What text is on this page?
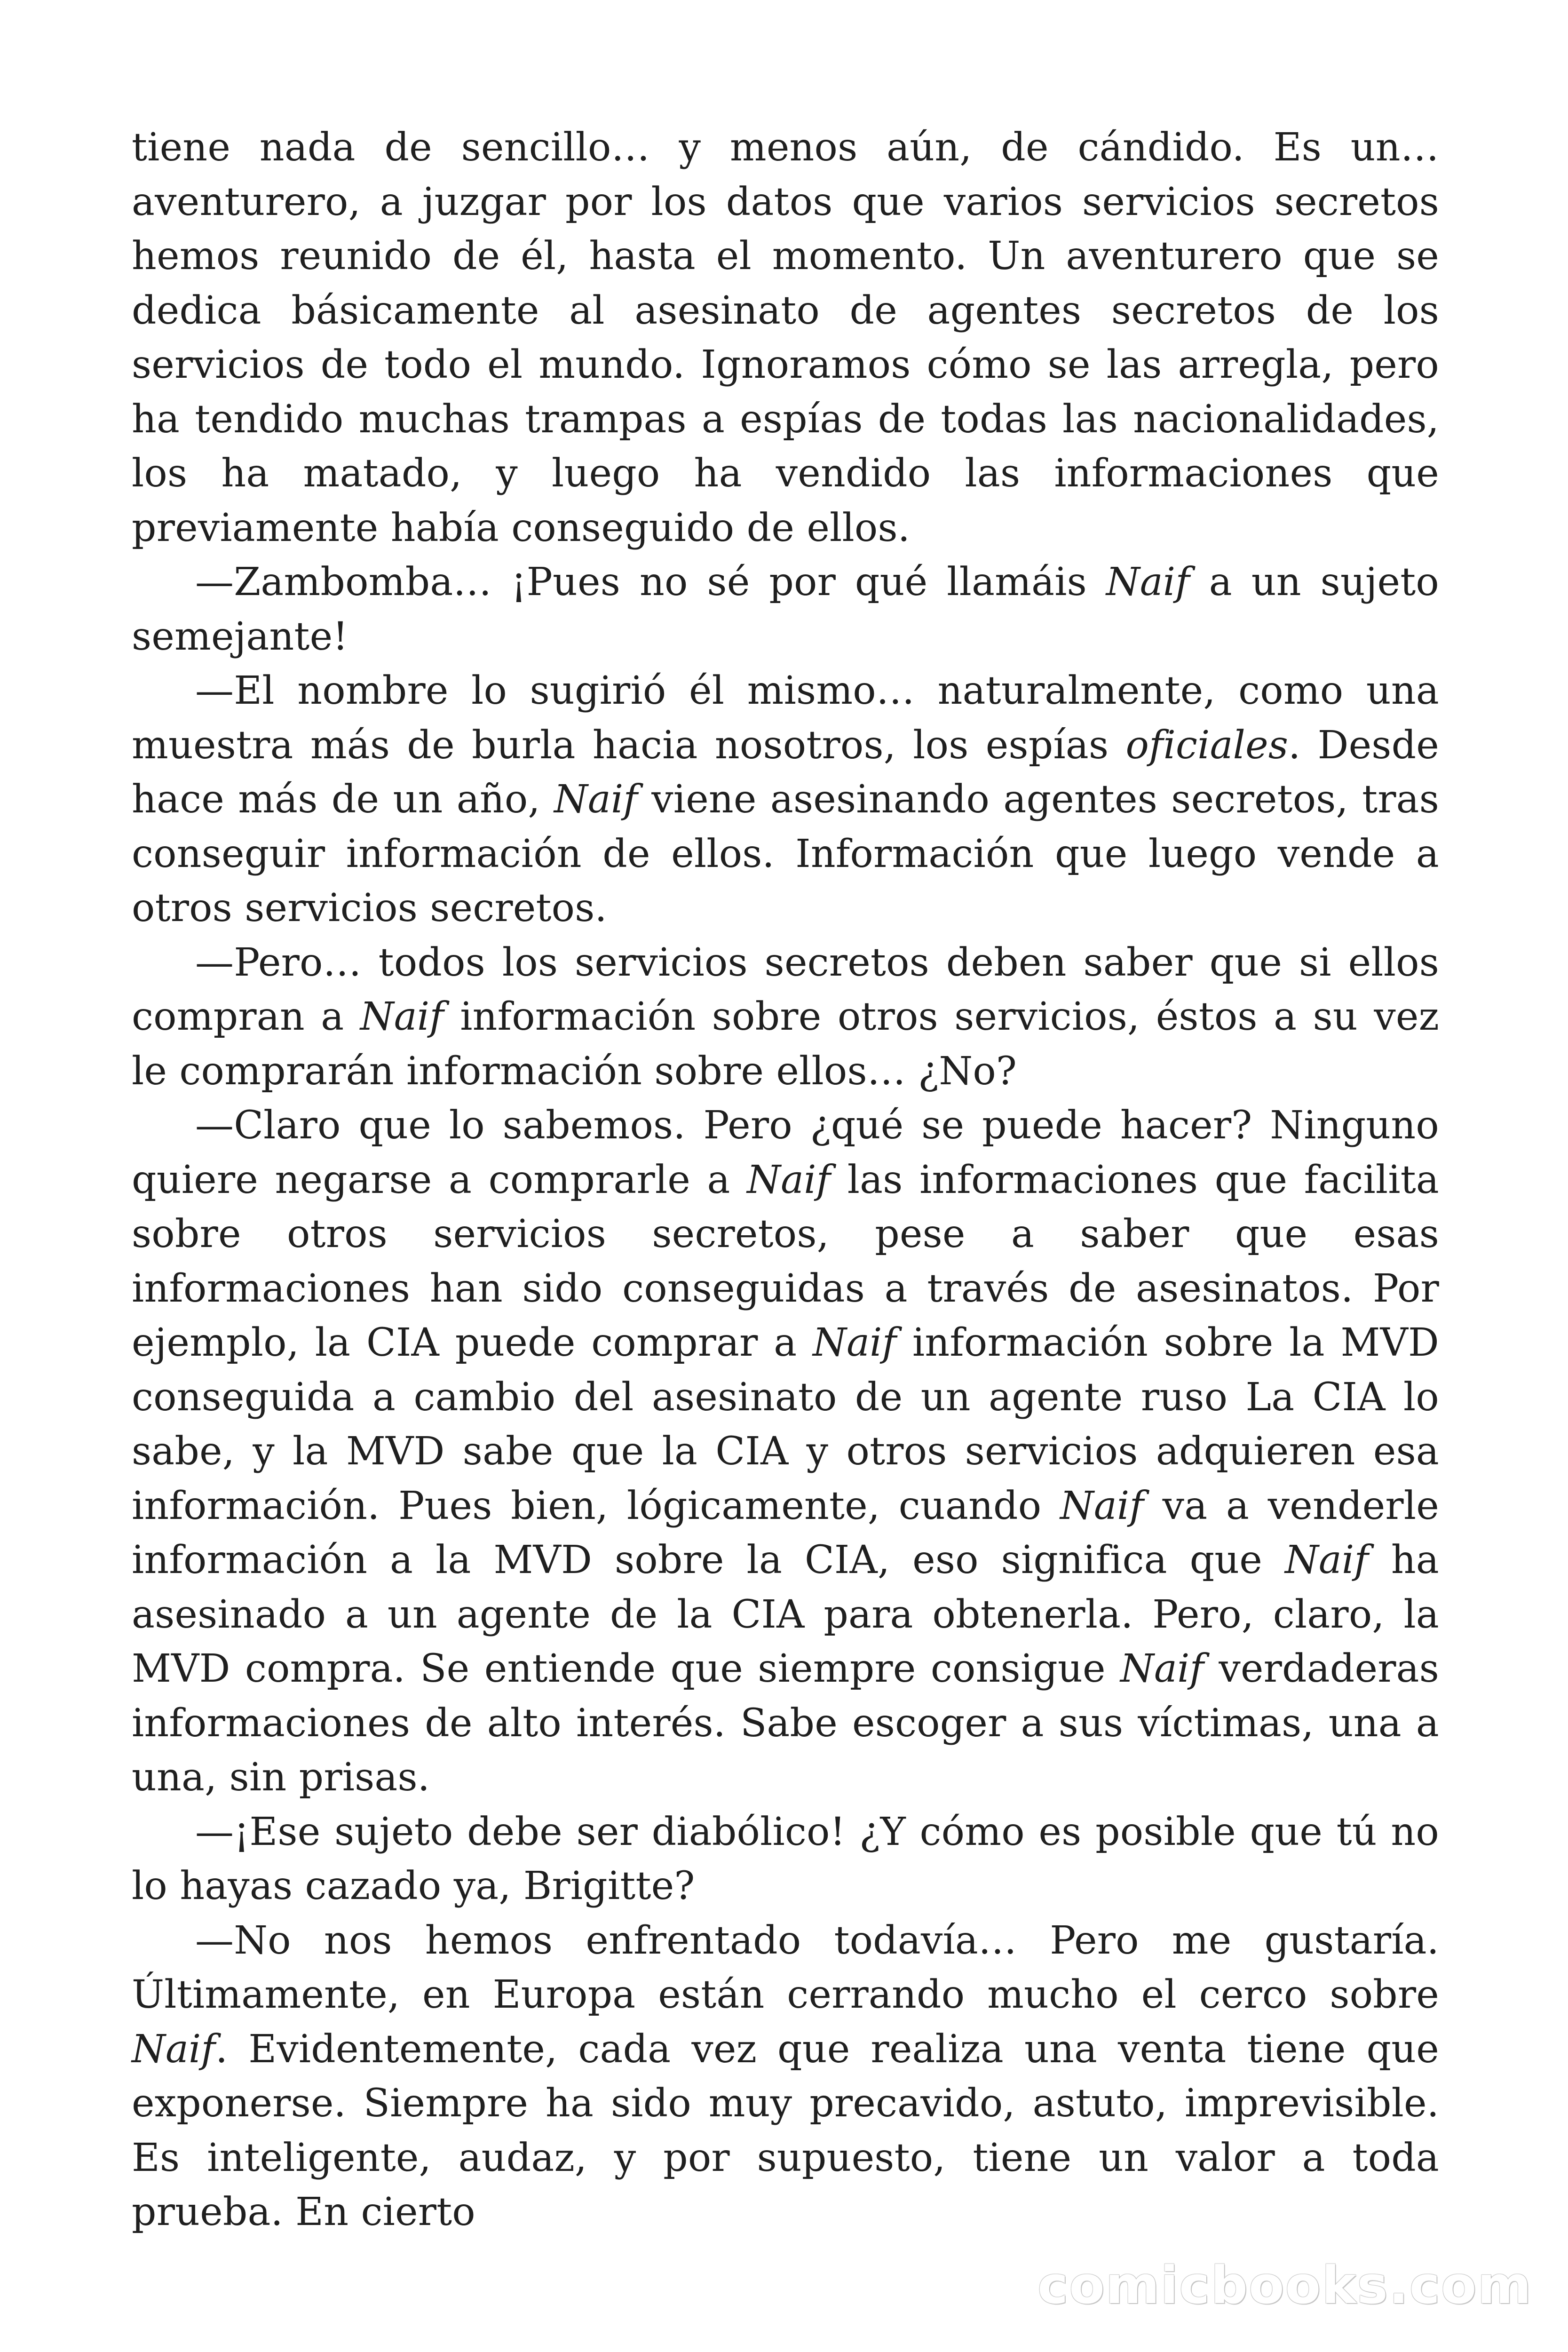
tiene nada de sencillo… y menos aún, de cándido. Es un… aventurero, a juzgar por los datos que varios servicios secretos hemos reunido de él, hasta el momento. Un aventurero que se dedica básicamente al asesinato de agentes secretos de los servicios de todo el mundo. Ignoramos cómo se las arregla, pero ha tendido muchas trampas a espías de todas las nacionalidades, los ha matado, y luego ha vendido las informaciones que previamente había conseguido de ellos.

—Zambomba… ¡Pues no sé por qué llamáis Naif a un sujeto semejante!

—El nombre lo sugirió él mismo… naturalmente, como una muestra más de burla hacia nosotros, los espías oficiales. Desde hace más de un año, Naif viene asesinando agentes secretos, tras conseguir información de ellos. Información que luego vende a otros servicios secretos.

—Pero… todos los servicios secretos deben saber que si ellos compran a Naif información sobre otros servicios, éstos a su vez le comprarán información sobre ellos… ¿No?

—Claro que lo sabemos. Pero ¿qué se puede hacer? Ninguno quiere negarse a comprarle a Naif las informaciones que facilita sobre otros servicios secretos, pese a saber que esas informaciones han sido conseguidas a través de asesinatos. Por ejemplo, la CIA puede comprar a Naif información sobre la MVD conseguida a cambio del asesinato de un agente ruso La CIA lo sabe, y la MVD sabe que la CIA y otros servicios adquieren esa información. Pues bien, lógicamente, cuando Naif va a venderle información a la MVD sobre la CIA, eso significa que Naif ha asesinado a un agente de la CIA para obtenerla. Pero, claro, la MVD compra. Se entiende que siempre consigue Naif verdaderas informaciones de alto interés. Sabe escoger a sus víctimas, una a una, sin prisas.

—¡Ese sujeto debe ser diabólico! ¿Y cómo es posible que tú no lo hayas cazado ya, Brigitte?

—No nos hemos enfrentado todavía… Pero me gustaría. Últimamente, en Europa están cerrando mucho el cerco sobre Naif. Evidentemente, cada vez que realiza una venta tiene que exponerse. Siempre ha sido muy precavido, astuto, imprevisible. Es inteligente, audaz, y por supuesto, tiene un valor a toda prueba. En cierto

comicbooks.com
